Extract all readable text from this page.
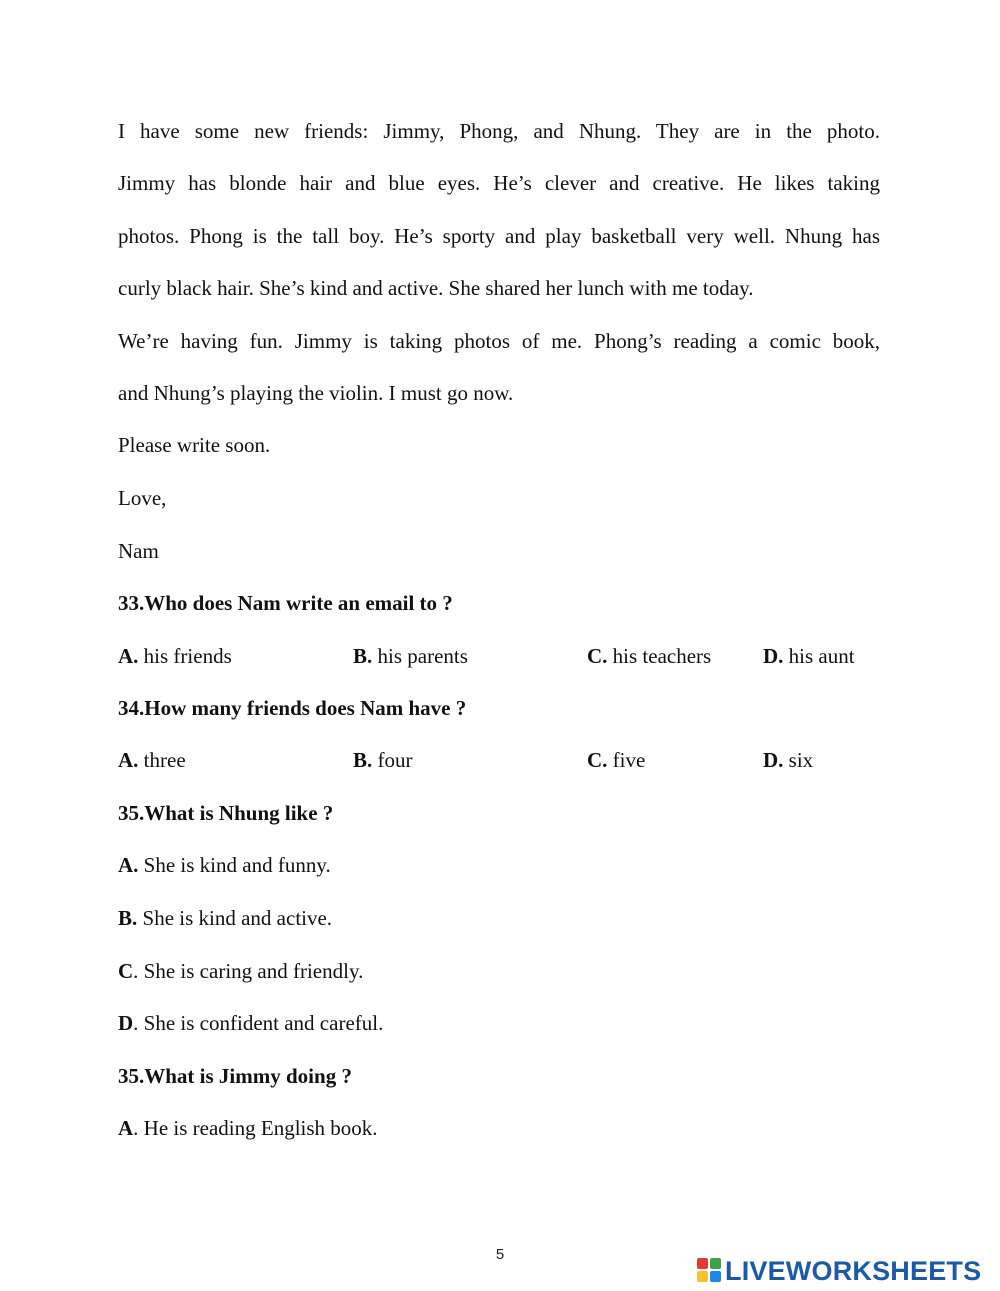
I have some new friends: Jimmy, Phong, and Nhung. They are in the photo.
Jimmy has blonde hair and blue eyes. He’s clever and creative. He likes taking
photos. Phong is the tall boy. He’s sporty and play basketball very well. Nhung has
curly black hair. She’s kind and active. She shared her lunch with me today.
We’re having fun. Jimmy is taking photos of me. Phong’s reading a comic book,
and Nhung’s playing the violin. I must go now.
Please write soon.
Love,
Nam
33.Who does Nam write an email to ?
A. his friends	B. his parents	C. his teachers D. his aunt
34.How many friends does Nam have ?
A. three	B. four	C. five	D. six
35.What is Nhung like ?
A. She is kind and funny.
B. She is kind and active.
C. She is caring and friendly.
D. She is confident and careful.
35.What is Jimmy doing ?
A. He is reading English book.
5
LIVEWORKSHEETS
